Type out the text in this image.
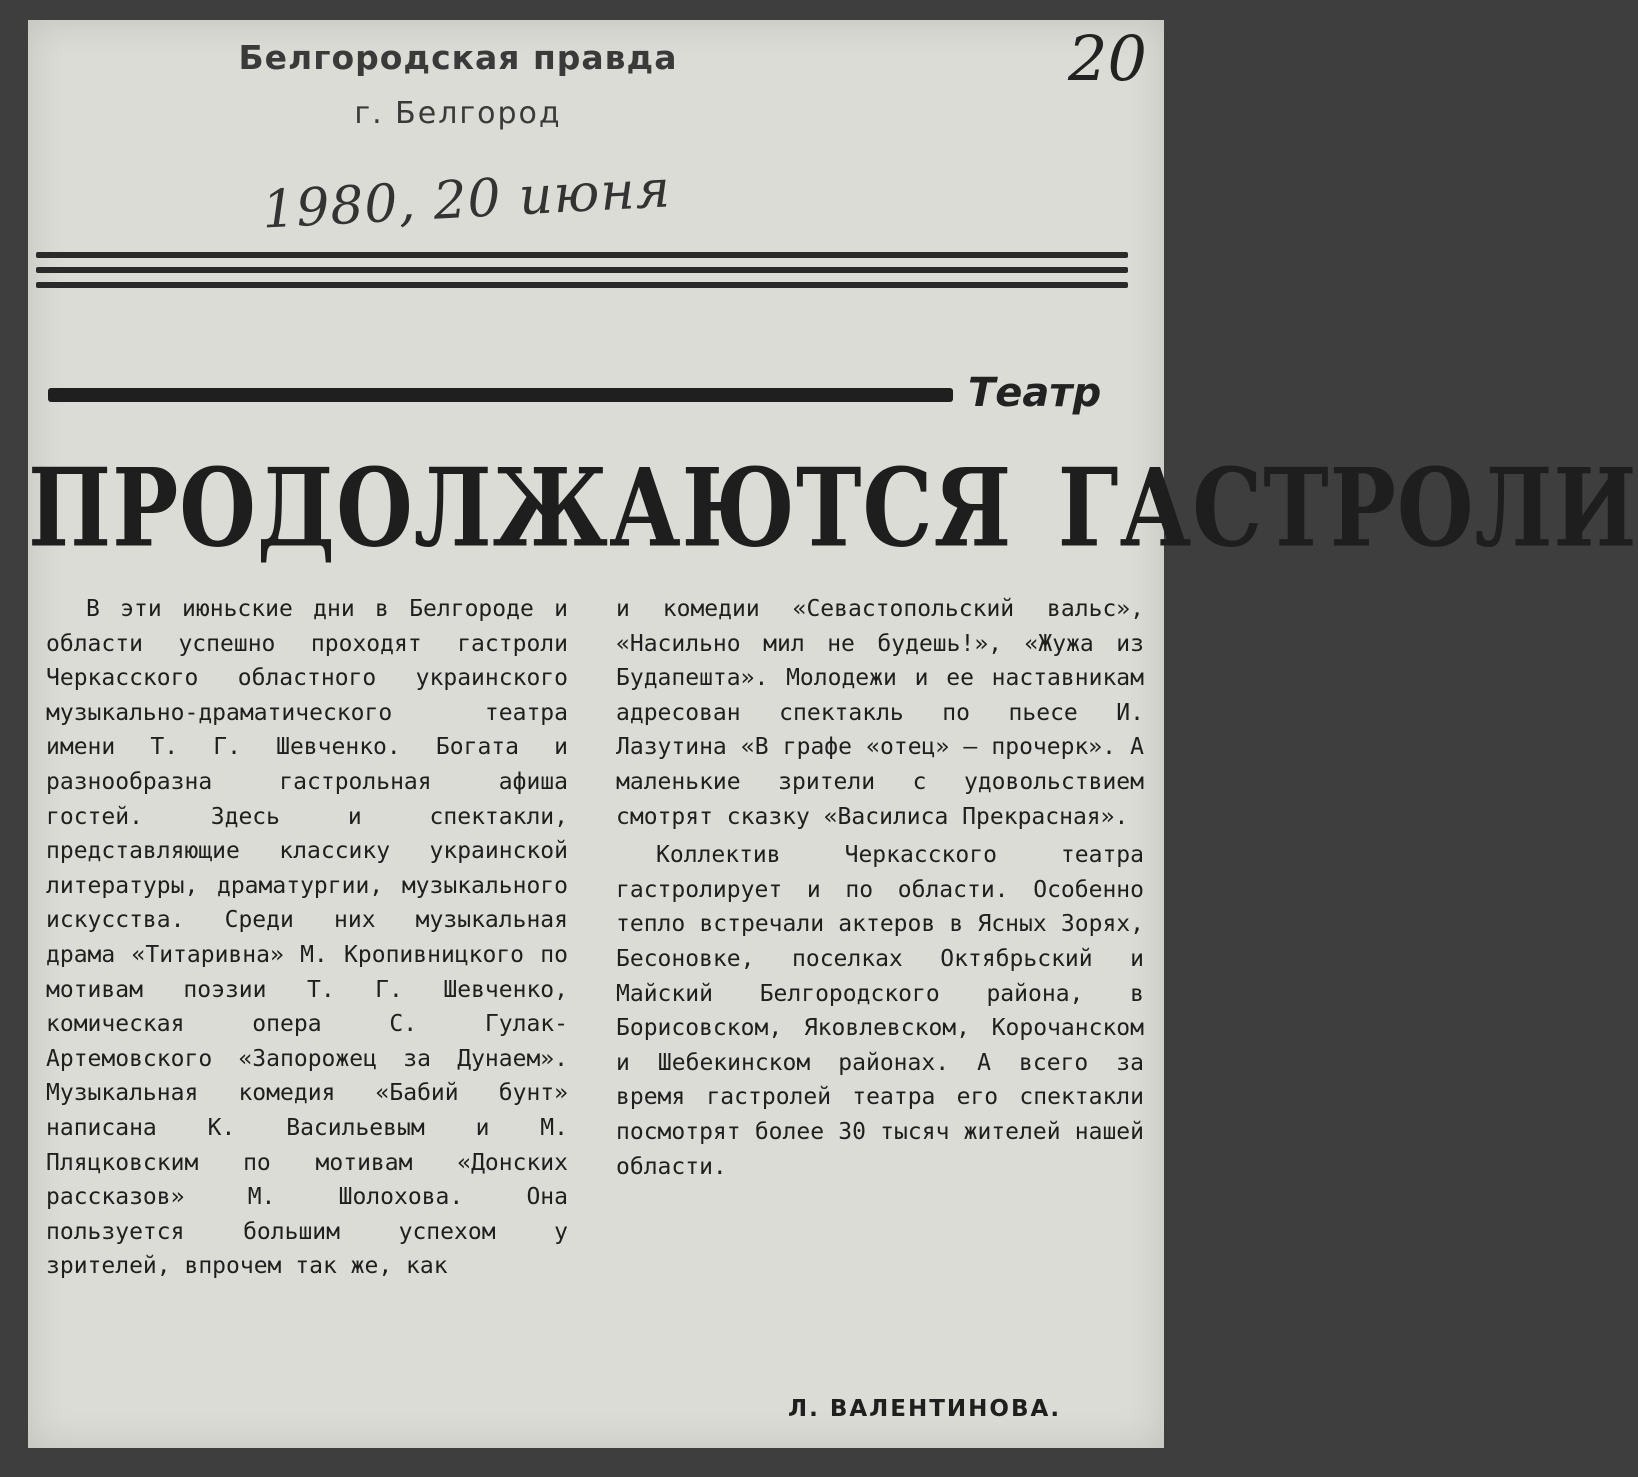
Белгородская правда
г. Белгород
20
1980, 20 июня
Театр
ПРОДОЛЖАЮТСЯ ГАСТРОЛИ

В эти июньские дни в Белгороде и области успешно проходят гастроли Черкасского областного украинского музыкально-драматического театра имени Т. Г. Шевченко. Богата и разнообразна гастрольная афиша гостей. Здесь и спектакли, представляющие классику украинской литературы, драматургии, музыкального искусства. Среди них музыкальная драма «Титаривна» М. Кропивницкого по мотивам поэзии Т. Г. Шевченко, комическая опера С. Гулак-Артемовского «Запорожец за Дунаем». Музыкальная комедия «Бабий бунт» написана К. Васильевым и М. Пляцковским по мотивам «Донских рассказов» М. Шолохова. Она пользуется большим успехом у зрителей, впрочем так же, как

и комедии «Севастопольский вальс», «Насильно мил не будешь!», «Жужа из Будапешта». Молодежи и ее наставникам адресован спектакль по пьесе И. Лазутина «В графе «отец» — прочерк». А маленькие зрители с удовольствием смотрят сказку «Василиса Прекрасная».

Коллектив Черкасского театра гастролирует и по области. Особенно тепло встречали актеров в Ясных Зорях, Бесоновке, поселках Октябрьский и Майский Белгородского района, в Борисовском, Яковлевском, Корочанском и Шебекинском районах. А всего за время гастролей театра его спектакли посмотрят более 30 тысяч жителей нашей области.

Л. ВАЛЕНТИНОВА.
